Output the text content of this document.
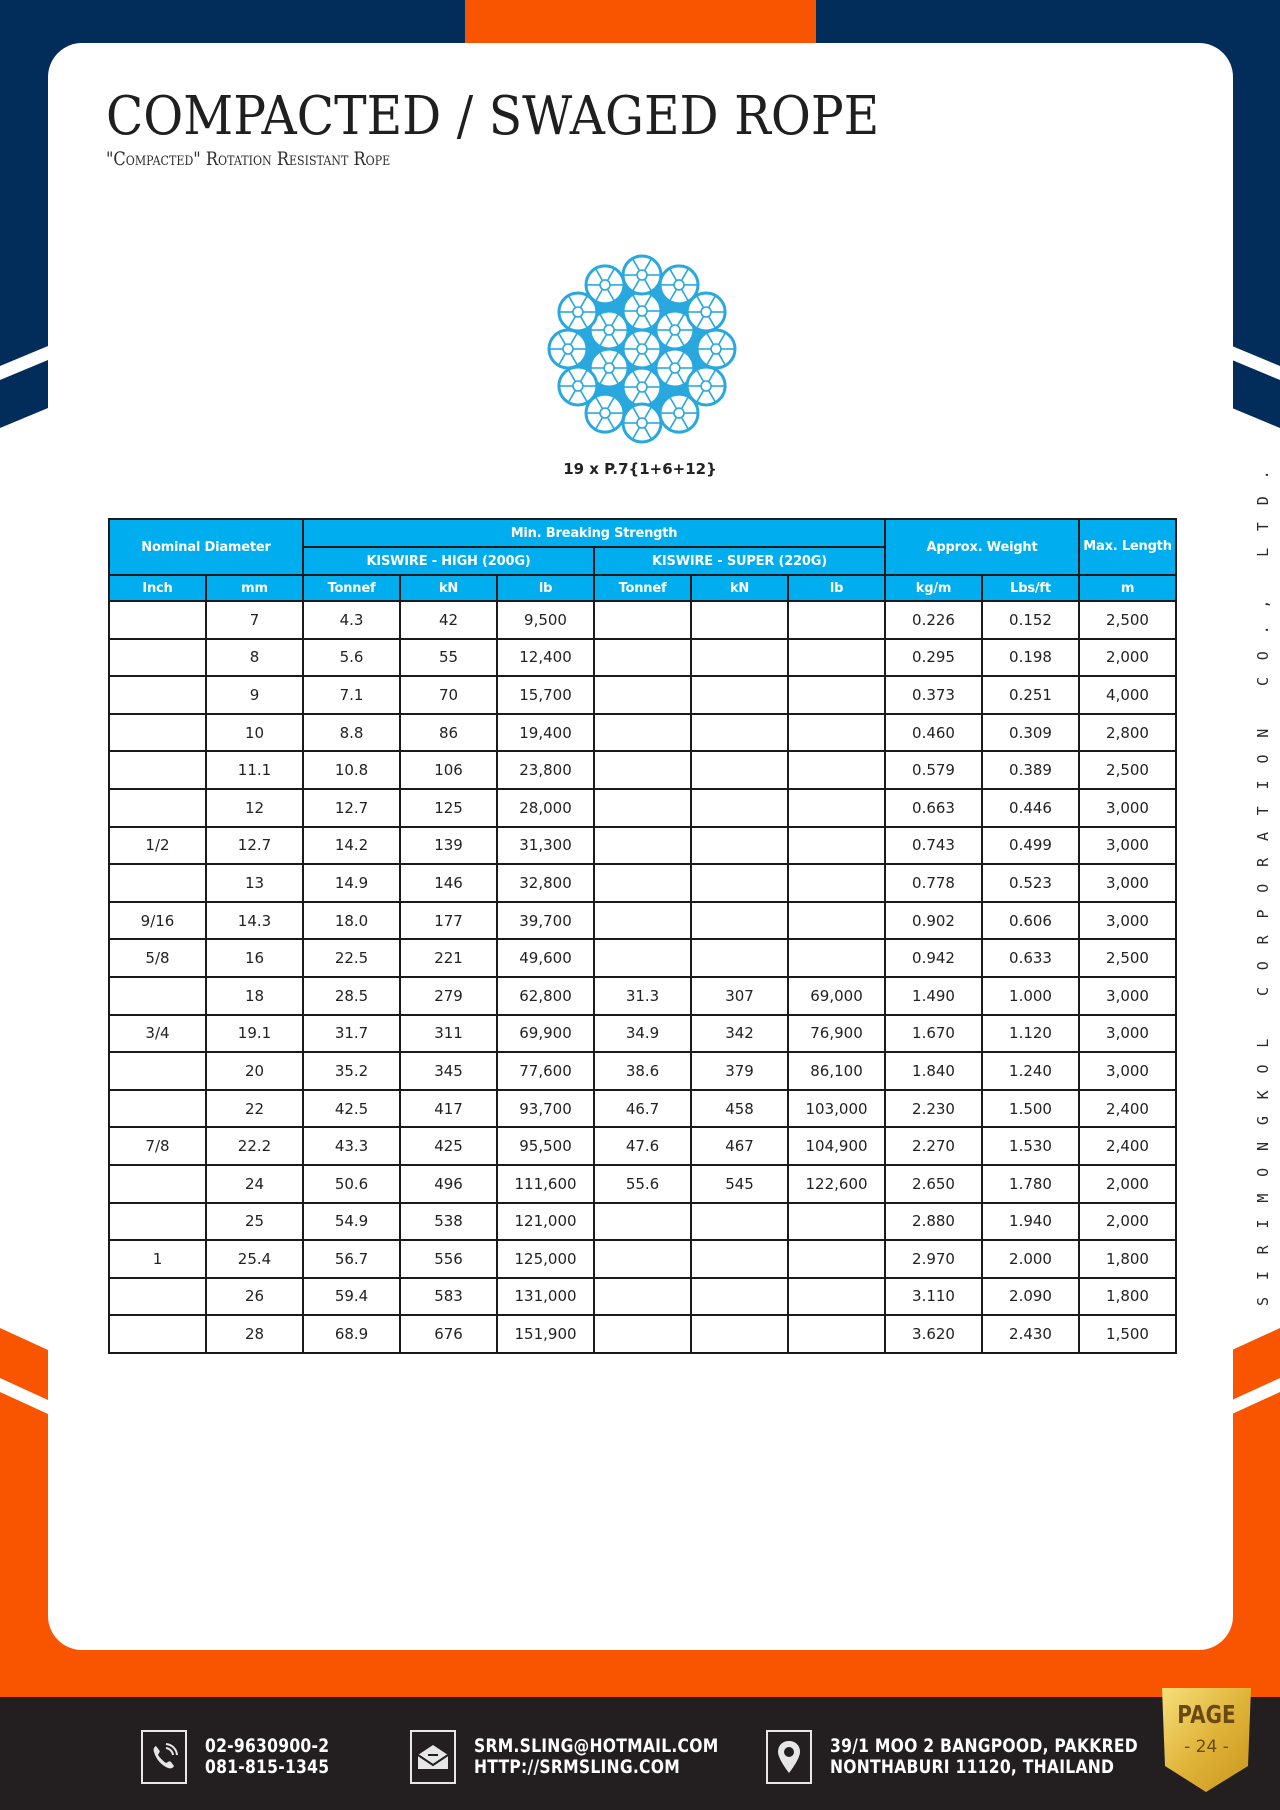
COMPACTED / SWAGED ROPE
"Compacted" Rotation Resistant Rope
19 x P.7{1+6+12}
Nominal Diameter		Min. Breaking Strength						Approx. Weight		Max. Length
		KISWIRE - HIGH (200G)			KISWIRE - SUPER (220G)					
Inch	mm	Tonnef	kN	lb	Tonnef	kN	lb	kg/m	Lbs/ft	m
	7	4.3	42	9,500				0.226	0.152	2,500
	8	5.6	55	12,400				0.295	0.198	2,000
	9	7.1	70	15,700				0.373	0.251	4,000
	10	8.8	86	19,400				0.460	0.309	2,800
	11.1	10.8	106	23,800				0.579	0.389	2,500
	12	12.7	125	28,000				0.663	0.446	3,000
1/2	12.7	14.2	139	31,300				0.743	0.499	3,000
	13	14.9	146	32,800				0.778	0.523	3,000
9/16	14.3	18.0	177	39,700				0.902	0.606	3,000
5/8	16	22.5	221	49,600				0.942	0.633	2,500
	18	28.5	279	62,800	31.3	307	69,000	1.490	1.000	3,000
3/4	19.1	31.7	311	69,900	34.9	342	76,900	1.670	1.120	3,000
	20	35.2	345	77,600	38.6	379	86,100	1.840	1.240	3,000
	22	42.5	417	93,700	46.7	458	103,000	2.230	1.500	2,400
7/8	22.2	43.3	425	95,500	47.6	467	104,900	2.270	1.530	2,400
	24	50.6	496	111,600	55.6	545	122,600	2.650	1.780	2,000
	25	54.9	538	121,000				2.880	1.940	2,000
1	25.4	56.7	556	125,000				2.970	2.000	1,800
	26	59.4	583	131,000				3.110	2.090	1,800
	28	68.9	676	151,900				3.620	2.430	1,500
SIRIMONGKOL CORPORATION CO., LTD.
02-9630900-2
081-815-1345
SRM.SLING@HOTMAIL.COM
HTTP://SRMSLING.COM
39/1 MOO 2 BANGPOOD, PAKKRED
NONTHABURI 11120, THAILAND
PAGE
- 24 -
